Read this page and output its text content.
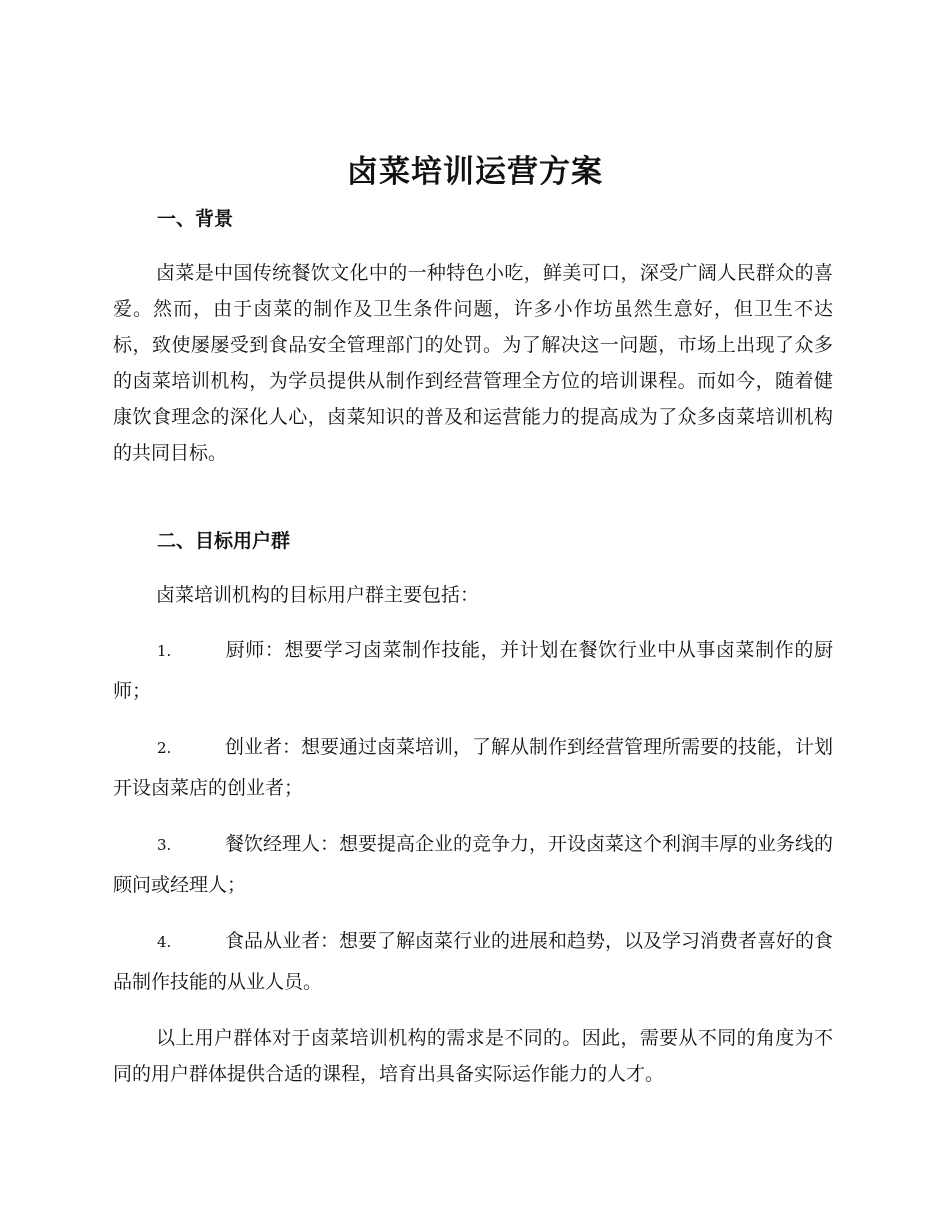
卤菜培训运营方案
一、背景

卤菜是中国传统餐饮文化中的一种特色小吃，鲜美可口，深受广阔人民群众的喜爱。然而，由于卤菜的制作及卫生条件问题，许多小作坊虽然生意好，但卫生不达标，致使屡屡受到食品安全管理部门的处罚。为了解决这一问题，市场上出现了众多的卤菜培训机构，为学员提供从制作到经营管理全方位的培训课程。而如今，随着健康饮食理念的深化人心，卤菜知识的普及和运营能力的提高成为了众多卤菜培训机构的共同目标。

二、目标用户群

卤菜培训机构的目标用户群主要包括：

1.	厨师：想要学习卤菜制作技能，并计划在餐饮行业中从事卤菜制作的厨师；

2.	创业者：想要通过卤菜培训，了解从制作到经营管理所需要的技能，计划开设卤菜店的创业者；

3.	餐饮经理人：想要提高企业的竞争力，开设卤菜这个利润丰厚的业务线的顾问或经理人；

4.	食品从业者：想要了解卤菜行业的进展和趋势，以及学习消费者喜好的食品制作技能的从业人员。

以上用户群体对于卤菜培训机构的需求是不同的。因此，需要从不同的角度为不同的用户群体提供合适的课程，培育出具备实际运作能力的人才。
